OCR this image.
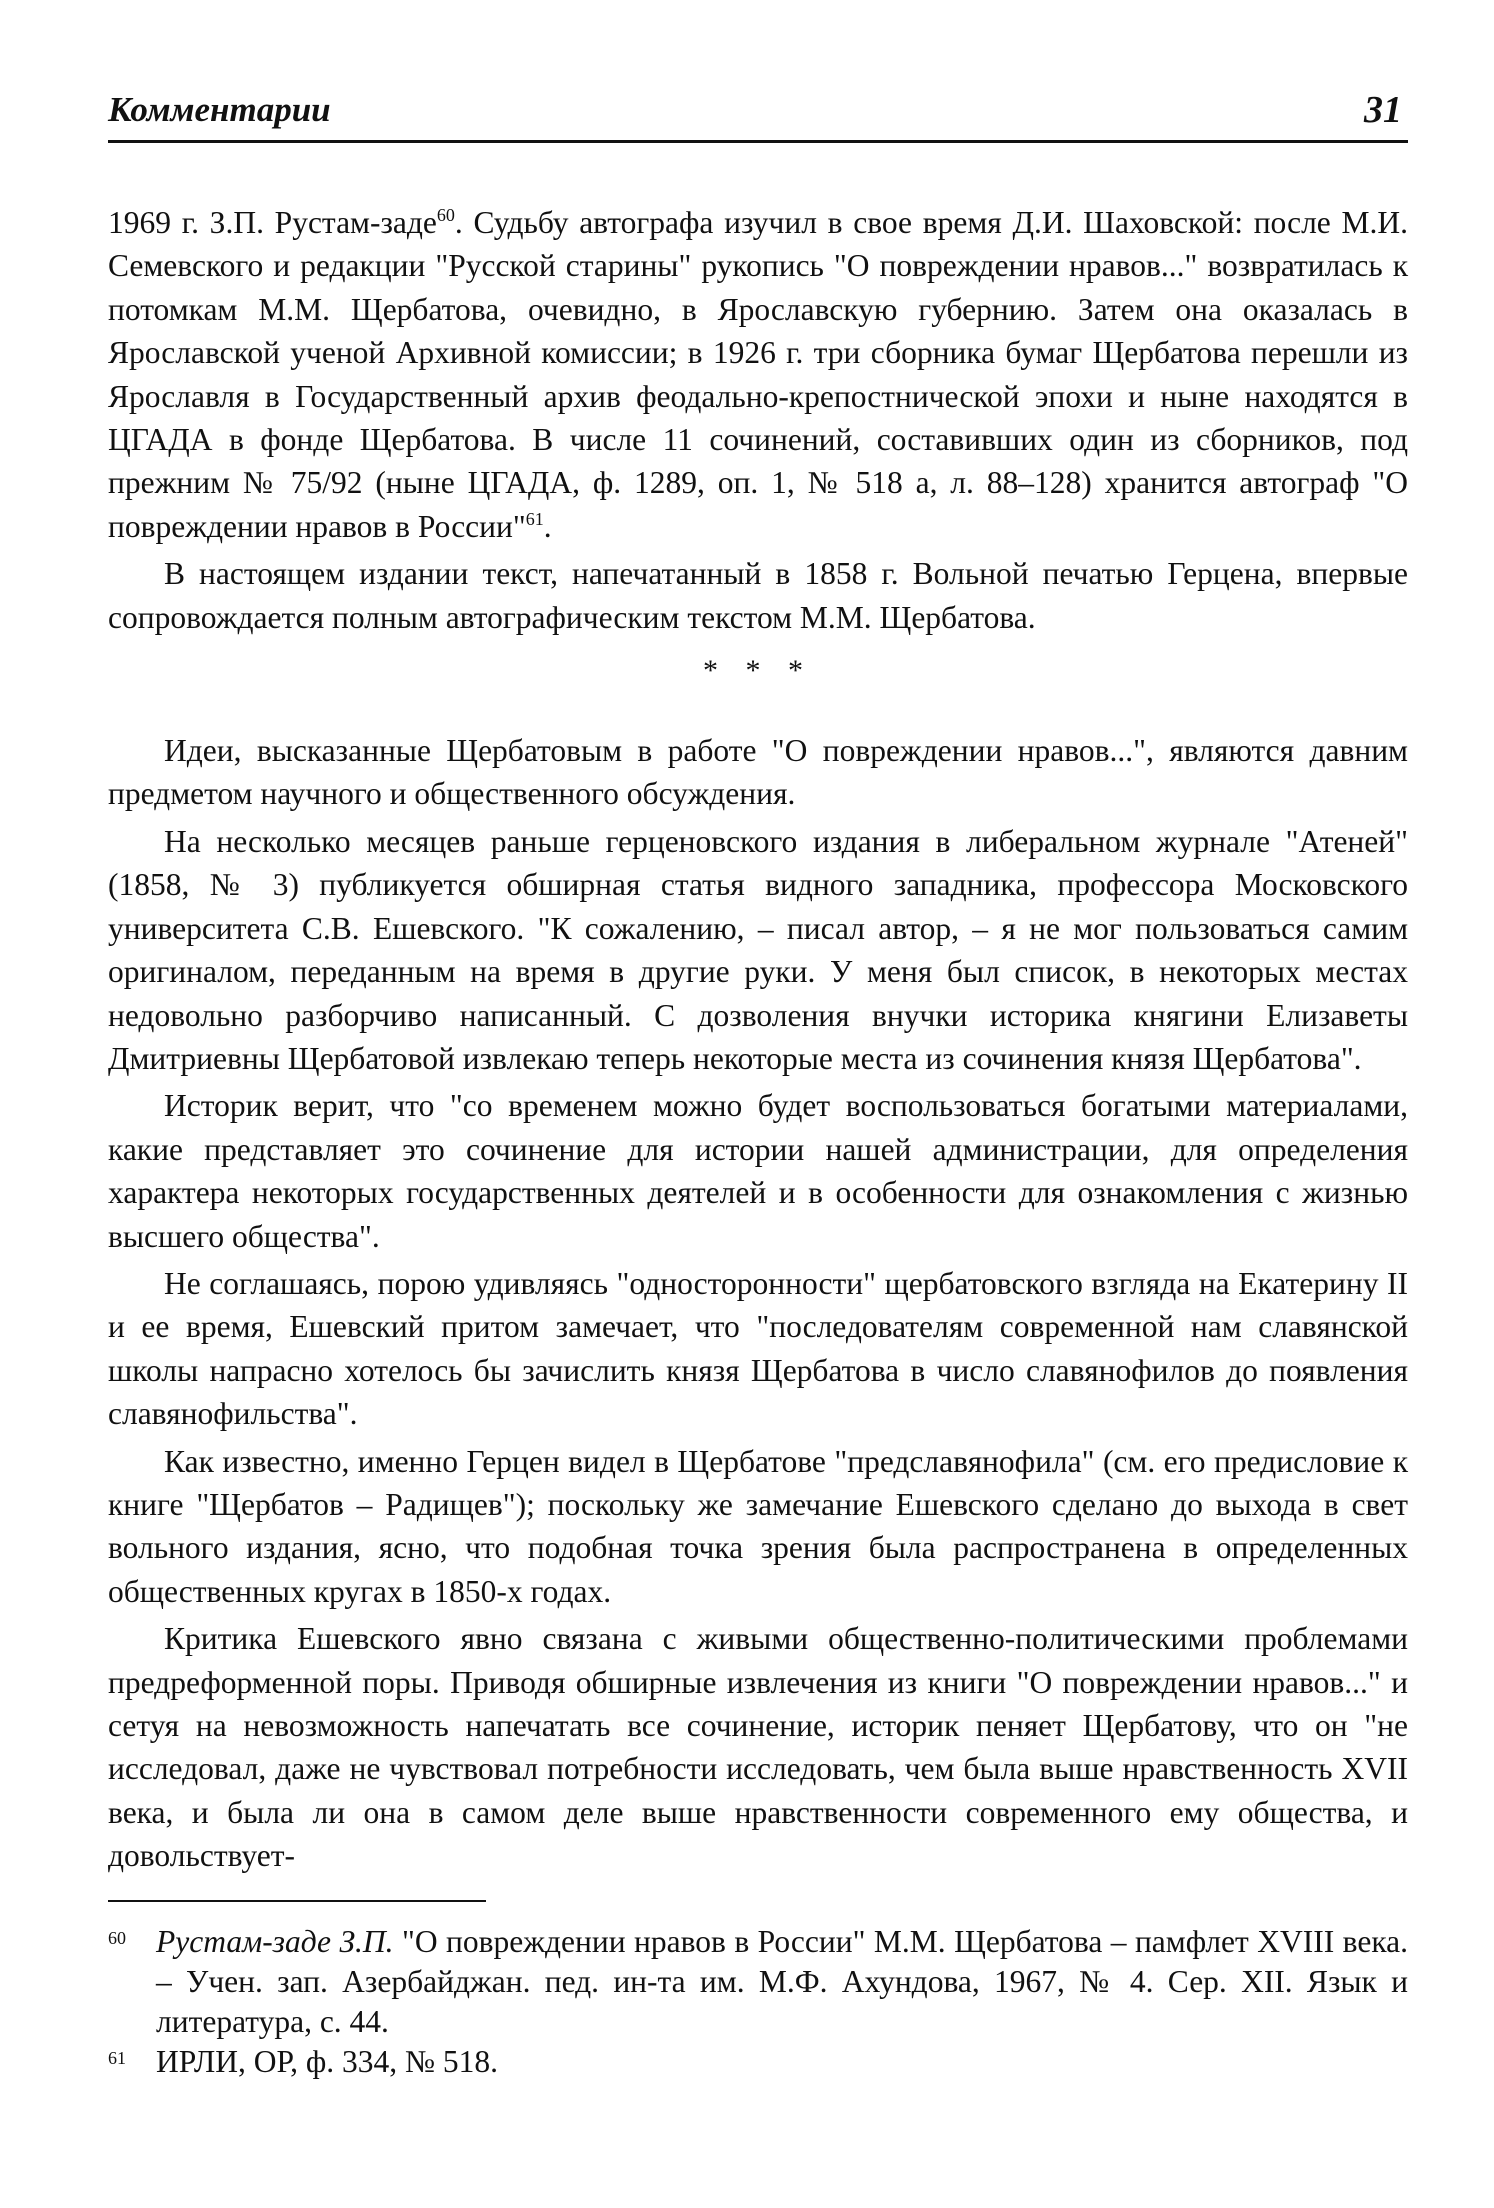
Комментарии	31

1969 г. З.П. Рустам-заде$^{60}$. Судьбу автографа изучил в свое время Д.И. Шаховской: после М.И. Семевского и редакции "Русской старины" рукопись "О повреждении нравов..." возвратилась к потомкам М.М. Щербатова, очевидно, в Ярославскую губернию. Затем она оказалась в Ярославской ученой Архивной комиссии; в 1926 г. три сборника бумаг Щербатова перешли из Ярославля в Государственный архив феодально-крепостнической эпохи и ныне находятся в ЦГАДА в фонде Щербатова. В числе 11 сочинений, составивших один из сборников, под прежним № 75/92 (ныне ЦГАДА, ф. 1289, оп. 1, № 518 а, л. 88–128) хранится автограф "О повреждении нравов в России"$^{61}$.

В настоящем издании текст, напечатанный в 1858 г. Вольной печатью Герцена, впервые сопровождается полным автографическим текстом М.М. Щербатова.

* * *

Идеи, высказанные Щербатовым в работе "О повреждении нравов...", являются давним предметом научного и общественного обсуждения.

На несколько месяцев раньше герценовского издания в либеральном журнале "Атеней" (1858, № 3) публикуется обширная статья видного западника, профессора Московского университета С.В. Ешевского. "К сожалению, – писал автор, – я не мог пользоваться самим оригиналом, переданным на время в другие руки. У меня был список, в некоторых местах недовольно разборчиво написанный. С дозволения внучки историка княгини Елизаветы Дмитриевны Щербатовой извлекаю теперь некоторые места из сочинения князя Щербатова".

Историк верит, что "со временем можно будет воспользоваться богатыми материалами, какие представляет это сочинение для истории нашей администрации, для определения характера некоторых государственных деятелей и в особенности для ознакомления с жизнью высшего общества".

Не соглашаясь, порою удивляясь "односторонности" щербатовского взгляда на Екатерину II и ее время, Ешевский притом замечает, что "последователям современной нам славянской школы напрасно хотелось бы зачислить князя Щербатова в число славянофилов до появления славянофильства".

Как известно, именно Герцен видел в Щербатове "предславянофила" (см. его предисловие к книге "Щербатов – Радищев"); поскольку же замечание Ешевского сделано до выхода в свет вольного издания, ясно, что подобная точка зрения была распространена в определенных общественных кругах в 1850-х годах.

Критика Ешевского явно связана с живыми общественно-политическими проблемами предреформенной поры. Приводя обширные извлечения из книги "О повреждении нравов..." и сетуя на невозможность напечатать все сочинение, историк пеняет Щербатову, что он "не исследовал, даже не чувствовал потребности исследовать, чем была выше нравственность XVII века, и была ли она в самом деле выше нравственности современного ему общества, и довольствует-

60 Рустам-заде З.П. "О повреждении нравов в России" М.М. Щербатова – памфлет XVIII века. – Учен. зап. Азербайджан. пед. ин-та им. М.Ф. Ахундова, 1967, № 4. Сер. XII. Язык и литература, с. 44.
61 ИРЛИ, ОР, ф. 334, № 518.
